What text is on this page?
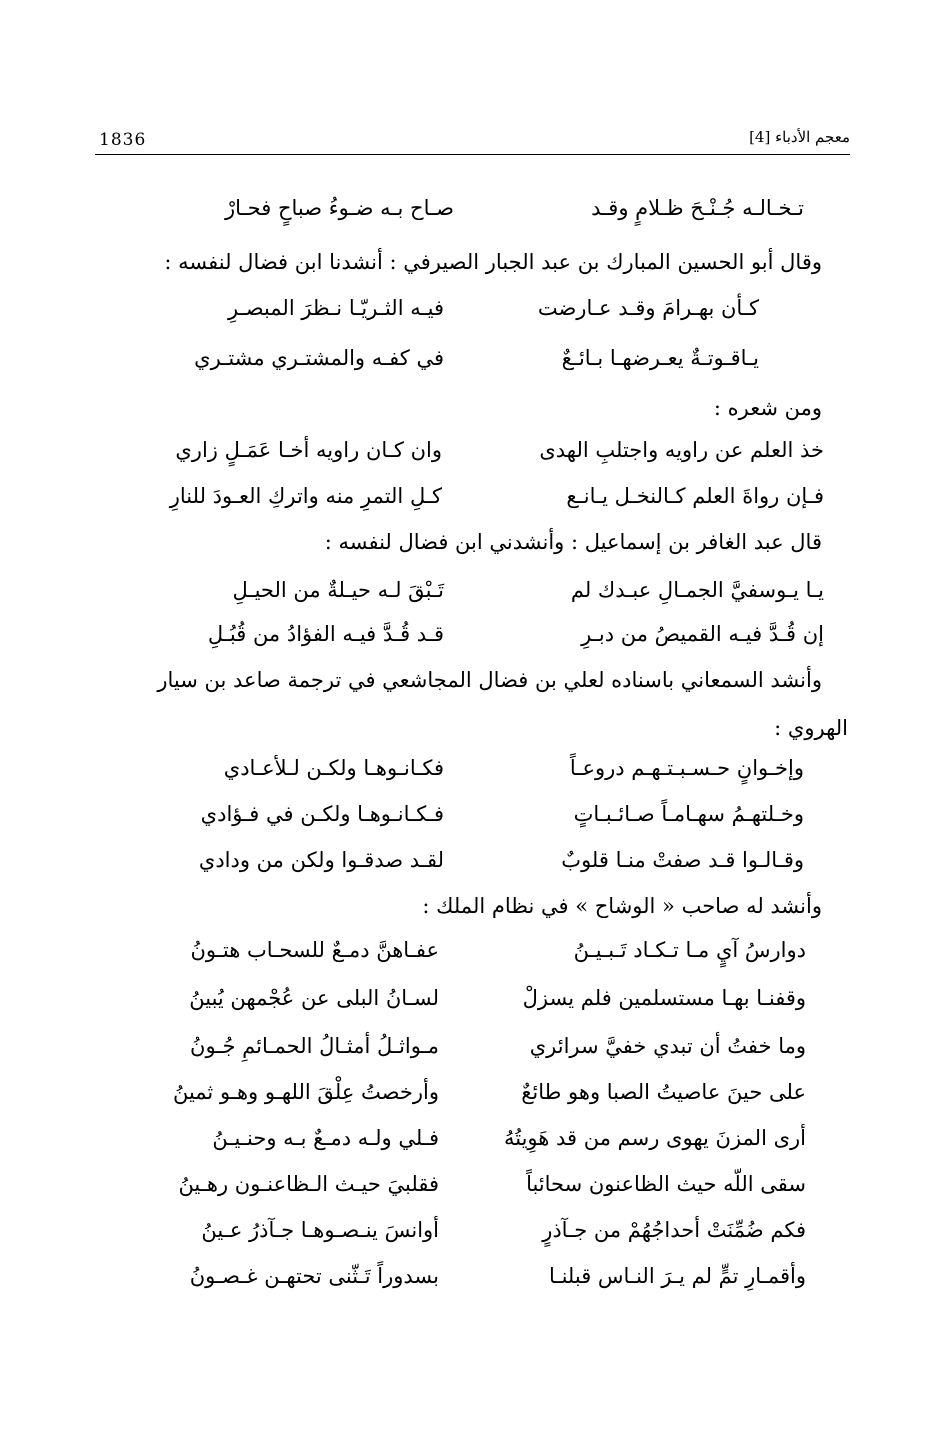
1836	معجم الأدباء [4]
تـخـالـه جُـنْـحَ ظـلامٍ وقـد
صـاح بـه ضـوءُ صباحٍ فحـارْ
وقال أبو الحسين المبارك بن عبد الجبار الصيرفي : أنشدنا ابن فضال لنفسه :
كـأن بهـرامَ وقـد عـارضت
فيـه الثـريّـا نـظرَ المبصـرِ
يـاقـوتـةٌ يعـرضهـا بـائـعٌ
في كفـه والمشتـري مشتـري
ومن شعره :
خذ العلم عن راويه واجتلبِ الهدى
وان كـان راويه أخـا عَمَـلٍ زاري
فـإن رواةَ العلم كـالنخـل يـانـع
كـلِ التمرِ منه واتركِ العـودَ للنارِ
قال عبد الغافر بن إسماعيل : وأنشدني ابن فضال لنفسه :
يـا يـوسفيَّ الجمـالِ عبـدك لم
تَـبْقَ لـه حيـلةٌ من الحيـلِ
إن قُـدَّ فيـه القميصُ من دبـرِ
قـد قُـدَّ فيـه الفؤادُ من قُبُـلِ
وأنشد السمعاني باسناده لعلي بن فضال المجاشعي في ترجمة صاعد بن سيار
الهروي :
وإخـوانٍ حـسـبـتـهـم دروعـاً
فكـانـوهـا ولكـن لـلأعـادي
وخـلتهـمُ سهـامـاً صـائـبـاتٍ
فـكـانـوهـا ولكـن في فـؤادي
وقـالـوا قـد صفتْ منـا قلوبٌ
لقـد صدقـوا ولكن من ودادي
وأنشد له صاحب « الوشاح » في نظام الملك :
دوارسُ آيٍ مـا تـكـاد تَـبـيـنُ
عفـاهنَّ دمـعٌ للسحـاب هتـونُ
وقفنـا بهـا مستسلمين فلم يسزلْ
لسـانُ البلى عن عُجْمهن يُبينُ
وما خفتُ أن تبدي خفيَّ سرائري
مـواثـلُ أمثـالُ الحمـائمِ جُـونُ
على حينَ عاصيتُ الصبا وهو طائعٌ
وأرخصتُ عِلْقَ اللهـو وهـو ثمينُ
أرى المزنَ يهوى رسم من قد هَوِيتُهُ
فـلي ولـه دمـعٌ بـه وحنـيـنُ
سقى اللّه حيث الظاعنون سحائباً
فقلبيَ حيـث الـظاعنـون رهـينُ
فكم ضُمِّنَتْ أحداجُهُمْ من جـآذرٍ
أوانسَ ينـصـوهـا جـآذرُ عـينُ
وأقمـارِ تمٍّ لم يـرَ النـاس قبلنـا
بسدوراً تَـثّنى تحتهـن غـصـونُ
